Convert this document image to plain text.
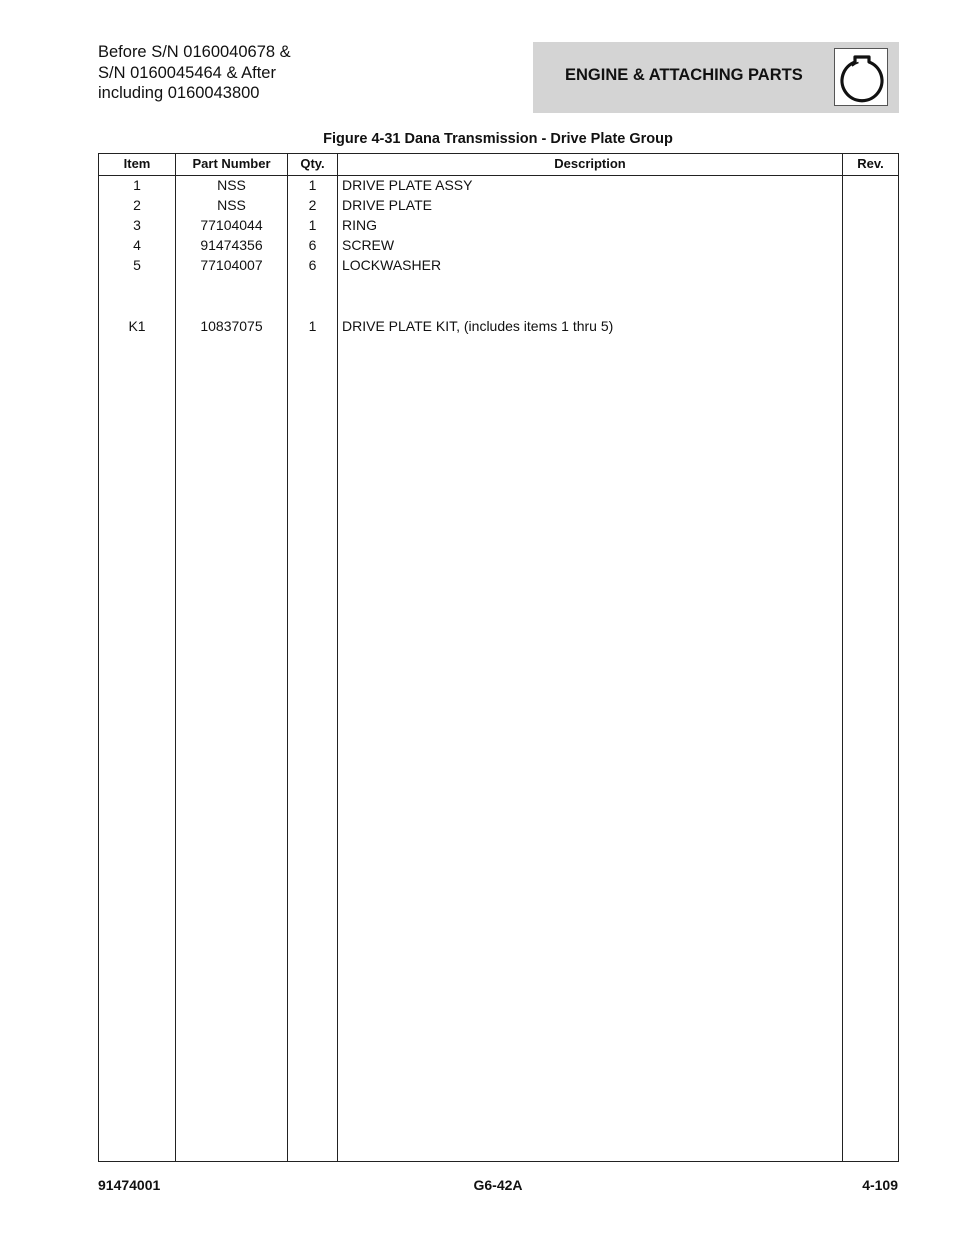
Before S/N 0160040678 &
S/N 0160045464 & After
including 0160043800
ENGINE & ATTACHING PARTS
Figure 4-31 Dana Transmission - Drive Plate Group
Item	Part Number	Qty.	Description	Rev.
1	NSS	1	DRIVE PLATE ASSY
2	NSS	2	DRIVE PLATE
3	77104044	1	RING
4	91474356	6	SCREW
5	77104007	6	LOCKWASHER
K1	10837075	1	DRIVE PLATE KIT, (includes items 1 thru 5)
91474001	G6-42A	4-109
